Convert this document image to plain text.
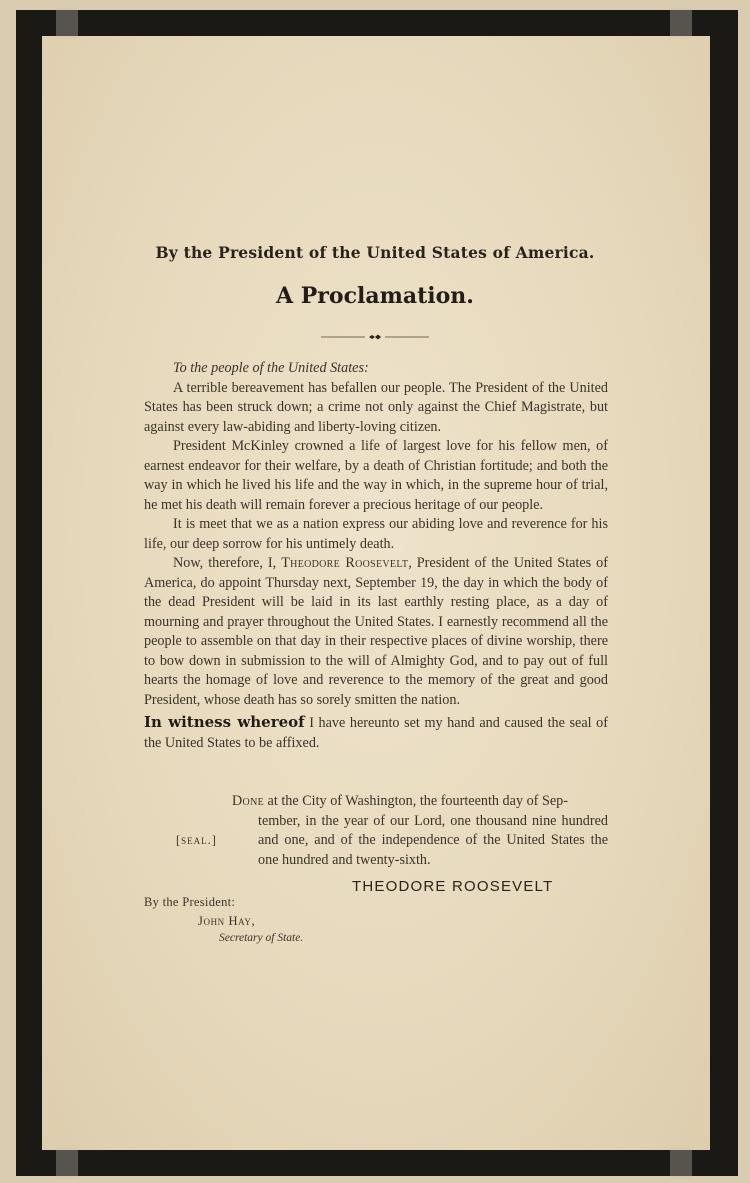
By the President of the United States of America.
A Proclamation.

To the people of the United States:

A terrible bereavement has befallen our people. The President of the United States has been struck down; a crime not only against the Chief Magistrate, but against every law-abiding and liberty-loving citizen.

President McKinley crowned a life of largest love for his fellow men, of earnest endeavor for their welfare, by a death of Christian fortitude; and both the way in which he lived his life and the way in which, in the supreme hour of trial, he met his death will remain forever a precious heritage of our people.

It is meet that we as a nation express our abiding love and reverence for his life, our deep sorrow for his untimely death.

Now, therefore, I, Theodore Roosevelt, President of the United States of America, do appoint Thursday next, September 19, the day in which the body of the dead President will be laid in its last earthly resting place, as a day of mourning and prayer throughout the United States. I earnestly recommend all the people to assemble on that day in their respective places of divine worship, there to bow down in submission to the will of Almighty God, and to pay out of full hearts the homage of love and reverence to the memory of the great and good President, whose death has so sorely smitten the nation.

In witness whereof I have hereunto set my hand and caused the seal of the United States to be affixed.

Done at the City of Washington, the fourteenth day of Sep-

tember, in the year of our Lord, one thousand nine hundred and one, and of the independence of the United States the one hundred and twenty-sixth.

[seal.]
THEODORE ROOSEVELT
By the President:
John Hay,
Secretary of State.
